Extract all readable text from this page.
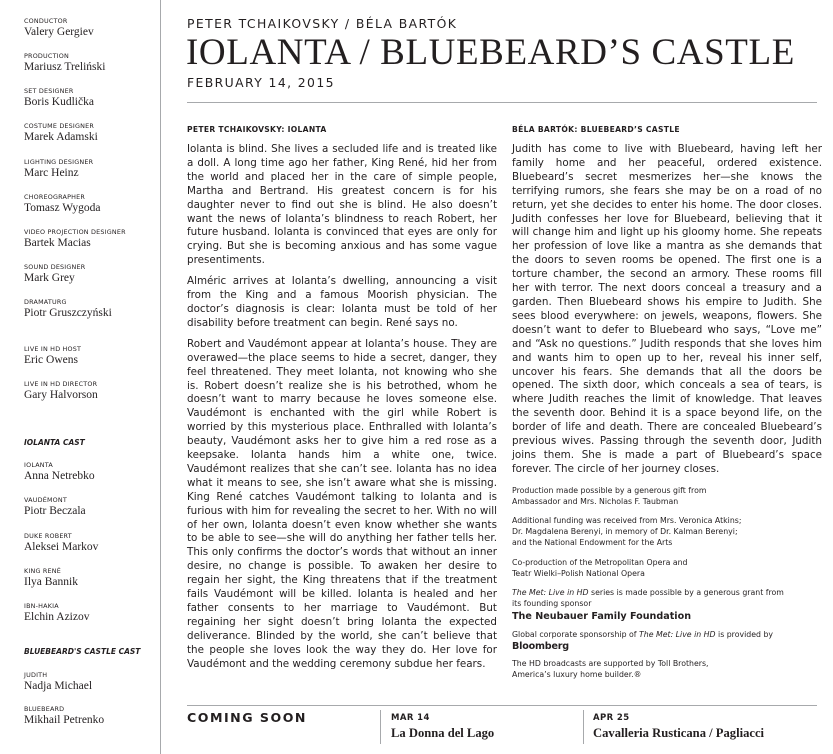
CONDUCTOR
Valery Gergiev
PRODUCTION
Mariusz Treliński
SET DESIGNER
Boris Kudlička
COSTUME DESIGNER
Marek Adamski
LIGHTING DESIGNER
Marc Heinz
CHOREOGRAPHER
Tomasz Wygoda
VIDEO PROJECTION DESIGNER
Bartek Macias
SOUND DESIGNER
Mark Grey
DRAMATURG
Piotr Gruszczyński
LIVE IN HD HOST
Eric Owens
LIVE IN HD DIRECTOR
Gary Halvorson
IOLANTA CAST
IOLANTA
Anna Netrebko
VAUDÉMONT
Piotr Beczala
DUKE ROBERT
Aleksei Markov
KING RENÉ
Ilya Bannik
IBN-HAKIA
Elchin Azizov
BLUEBEARD'S CASTLE CAST
JUDITH
Nadja Michael
BLUEBEARD
Mikhail Petrenko
PETER TCHAIKOVSKY / BÉLA BARTÓK
IOLANTA / BLUEBEARD’S CASTLE
FEBRUARY 14, 2015
PETER TCHAIKOVSKY: IOLANTA

Iolanta is blind. She lives a secluded life and is treated like a doll. A long time ago her father, King René, hid her from the world and placed her in the care of simple people, Martha and Bertrand. His greatest concern is for his daughter never to find out she is blind. He also doesn’t want the news of Iolanta’s blindness to reach Robert, her future husband. Iolanta is convinced that eyes are only for crying. But she is becoming anxious and has some vague presentiments.

Alméric arrives at Iolanta’s dwelling, announcing a visit from the King and a famous Moorish physician. The doctor’s diagnosis is clear: Iolanta must be told of her disability before treatment can begin. René says no.

Robert and Vaudémont appear at Iolanta’s house. They are overawed—the place seems to hide a secret, danger, they feel threatened. They meet Iolanta, not knowing who she is. Robert doesn’t realize she is his betrothed, whom he doesn’t want to marry because he loves someone else. Vaudémont is enchanted with the girl while Robert is worried by this mysterious place. Enthralled with Iolanta’s beauty, Vaudémont asks her to give him a red rose as a keepsake. Iolanta hands him a white one, twice. Vaudémont realizes that she can’t see. Iolanta has no idea what it means to see, she isn’t aware what she is missing. King René catches Vaudémont talking to Iolanta and is furious with him for revealing the secret to her. With no will of her own, Iolanta doesn’t even know whether she wants to be able to see—she will do anything her father tells her. This only confirms the doctor’s words that without an inner desire, no change is possible. To awaken her desire to regain her sight, the King threatens that if the treatment fails Vaudémont will be killed. Iolanta is healed and her father consents to her marriage to Vaudémont. But regaining her sight doesn’t bring Iolanta the expected deliverance. Blinded by the world, she can’t believe that the people she loves look the way they do. Her love for Vaudémont and the wedding ceremony subdue her fears.

BÉLA BARTÓK: BLUEBEARD’S CASTLE

Judith has come to live with Bluebeard, having left her family home and her peaceful, ordered existence. Bluebeard’s secret mesmerizes her—she knows the terrifying rumors, she fears she may be on a road of no return, yet she decides to enter his home. The door closes. Judith confesses her love for Bluebeard, believing that it will change him and light up his gloomy home. She repeats her profession of love like a mantra as she demands that the doors to seven rooms be opened. The first one is a torture chamber, the second an armory. These rooms fill her with terror. The next doors conceal a treasury and a garden. Then Bluebeard shows his empire to Judith. She sees blood everywhere: on jewels, weapons, flowers. She doesn’t want to defer to Bluebeard who says, “Love me” and “Ask no questions.” Judith responds that she loves him and wants him to open up to her, reveal his inner self, uncover his fears. She demands that all the doors be opened. The sixth door, which conceals a sea of tears, is where Judith reaches the limit of knowledge. That leaves the seventh door. Behind it is a space beyond life, on the border of life and death. There are concealed Bluebeard’s previous wives. Passing through the seventh door, Judith joins them. She is made a part of Bluebeard’s space forever. The circle of her journey closes.

Production made possible by a generous gift from
Ambassador and Mrs. Nicholas F. Taubman
Additional funding was received from Mrs. Veronica Atkins;
Dr. Magdalena Berenyi, in memory of Dr. Kalman Berenyi;
and the National Endowment for the Arts
Co-production of the Metropolitan Opera and
Teatr Wielki–Polish National Opera
The Met: Live in HD series is made possible by a generous grant from
its founding sponsor
The Neubauer Family Foundation
Global corporate sponsorship of The Met: Live in HD is provided by
Bloomberg
The HD broadcasts are supported by Toll Brothers,
America’s luxury home builder.®
COMING SOON	MAR 14
La Donna del Lago
APR 25
Cavalleria Rusticana / Pagliacci
